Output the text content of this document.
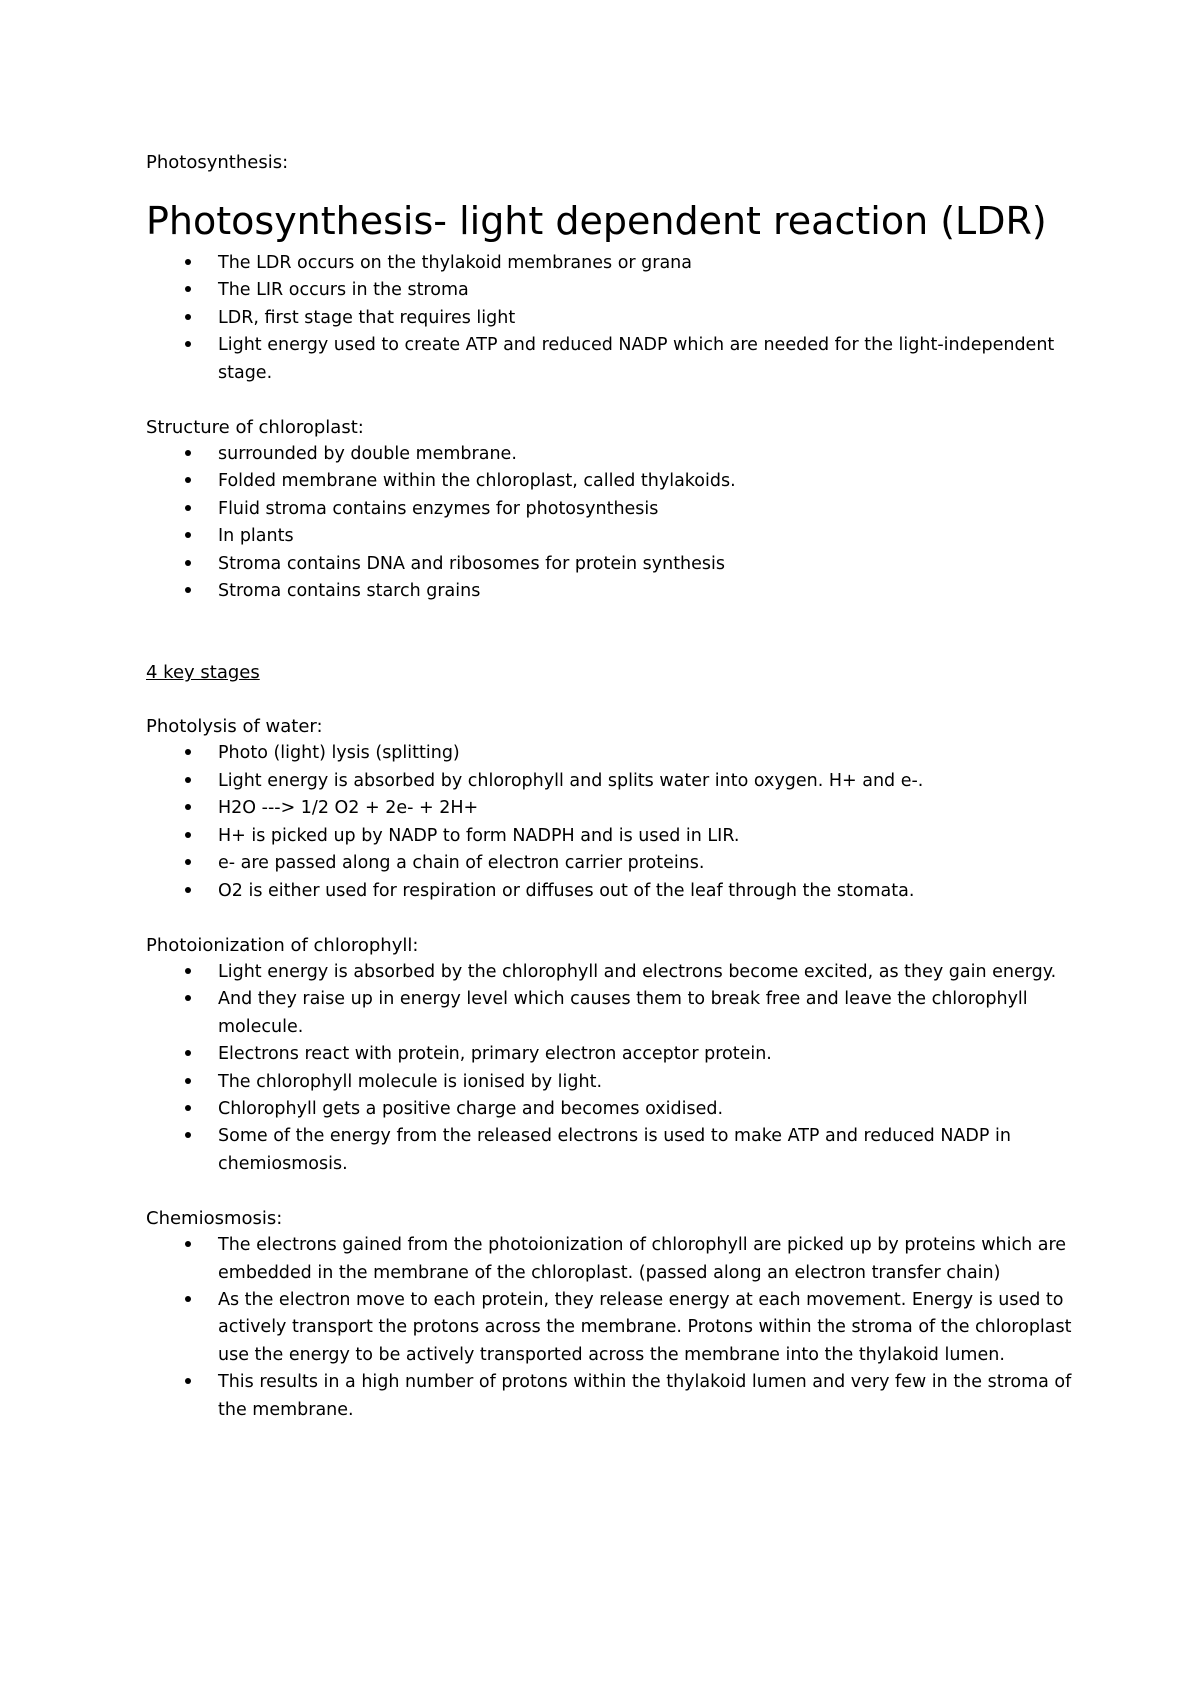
Photosynthesis:

Photosynthesis- light dependent reaction (LDR)
The LDR occurs on the thylakoid membranes or grana
The LIR occurs in the stroma
LDR, first stage that requires light
Light energy used to create ATP and reduced NADP which are needed for the light-independent stage.

Structure of chloroplast:

surrounded by double membrane.
Folded membrane within the chloroplast, called thylakoids.
Fluid stroma contains enzymes for photosynthesis
In plants
Stroma contains DNA and ribosomes for protein synthesis
Stroma contains starch grains

4 key stages

Photolysis of water:

Photo (light) lysis (splitting)
Light energy is absorbed by chlorophyll and splits water into oxygen. H+ and e-.
H2O ---> 1/2 O2 + 2e- + 2H+
H+ is picked up by NADP to form NADPH and is used in LIR.
e- are passed along a chain of electron carrier proteins.
O2 is either used for respiration or diffuses out of the leaf through the stomata.

Photoionization of chlorophyll:

Light energy is absorbed by the chlorophyll and electrons become excited, as they gain energy.
And they raise up in energy level which causes them to break free and leave the chlorophyll molecule.
Electrons react with protein, primary electron acceptor protein.
The chlorophyll molecule is ionised by light.
Chlorophyll gets a positive charge and becomes oxidised.
Some of the energy from the released electrons is used to make ATP and reduced NADP in chemiosmosis.

Chemiosmosis:

The electrons gained from the photoionization of chlorophyll are picked up by proteins which are embedded in the membrane of the chloroplast. (passed along an electron transfer chain)
As the electron move to each protein, they release energy at each movement. Energy is used to actively transport the protons across the membrane. Protons within the stroma of the chloroplast use the energy to be actively transported across the membrane into the thylakoid lumen.
This results in a high number of protons within the thylakoid lumen and very few in the stroma of the membrane.
